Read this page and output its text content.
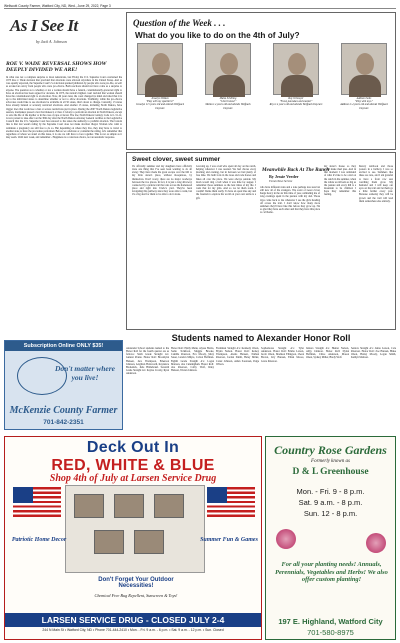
Wellscott County Farmer, Watford City, ND, Wed., June 29, 2022, Page 3
As I See It
by Jack A. Johnson
ROE V. WADE REVERSAL SHOWS HOW DEEPLY DIVIDED WE ARE!
In what was not a complete surprise to most Americans, last Friday the U.S. Supreme Court overturned the 1973 Roe v. Wade decision that provided that abortions were allowed anywhere in the United States. And as was equally expected, the Supreme Court's 5-4 decision sparked jubilation by people who were pro-life, as well as evoked an outcry from people who were pro-choice. Both reactions should not have come as a surprise to anyone. The question as to whether or not a woman should have a federal, constitutionally-protected right to have an abortion has been argued for decades. In 1973, the nation's highest court decided that women should have the constitutional right to an abortion. Now, 49 years later, the court changed its mind and ruled that it is up to the individual states to determine whether or not to allow abortions. Truthfully, while the pro-choice advocates would like to see abortions be available in all 50 states, that's about to change. Currently, 13 states have already banned or severely restricted abortions. And another 13 states, including North Dakota, have trigger laws that would see a ban or severe restrictions put in place. During the 2007 North Dakota legislative session, lawmakers passed a law that makes it a Class C felony to perform an abortion in North Dakota, except to save the life of the mother or in the case of rape or incest. The law, North Dakota Century Code 12.1-31-12, is now poised to take effect on the 30th day after the North Dakota Attorney General certifies to the Legislative Council that the U.S. Supreme Court has restored to the states the authority to prohibit abortion. The bottom line is that last week's ruling by the Supreme Court does not make abortion illegal. Women who wish to terminate a pregnancy are still free to do so. But depending on where they live, they may have to travel to another state to have the procedure performed. Before we celebrate or condemn the ruling, let's remember that regardless of where we stand on this issue, it is one we will have to face together. This is not as simple as it may seem. Until next week, and remember - Happiness is a conscious choice, not an automatic response.
Question of the Week . . .
What do you like to do on the 4th of July?
Jessalyn Wolken
"Play with my sparklers!"
Jessalyn is 5 years old and attends Wolfpack Daycare
Malia Schilling
"I don't know!"
Malia is 4 years old and attends Wolfpack Daycare
Roy Ortmeyer
"Food, pancakes and snacks!"
Roy is 4 years old and attends Wolfpack Daycare
Addison Solis
"Play with toys."
Addison is 4 years old and attends Wolfpack Daycare
Sweet clover, sweet summer
It's officially summer and my daughters have officially done one thing that I've seen been wanting to do all along: They have made the great escape over the hill to my little sister's place, without mosquitoes, by themselves. Don't worry, there are no major roadways between the two places. In fact, it is just a long driveway connected by a prairie trail that cuts across the homestead place and right into Uncle's yard. They've been navigating this pathway since they were able to walk, but it's a big deal for them to be able to do it alone.
Growing up, I was a kid who spent all day on the ranch, helping wherever I was needed. We had chores every morning and evening, but in between we had plenty of free time. We built forts in the trees and rode horses and bikes all over the place. We were always outside. My mom would ring a bell when it was time for supper. I remember those summers as the best times of my life. I want that for my girls. And so we let them roam. I couldn't blame them really. To have an open blue sky and the freedom to explore the world on your own terms is a gift.
Meanwhile Back At The Ranch
By Jessie Veeder
Forum News Service
who have different rules and a tone perhaps less sure but still new all of the strangers. The scent of sweet clover hangs heavy in the air this time of year, reminding me of long evenings spent in the pasture with my dad. Those days come back to me whenever I see the girls heading off across the trail. I don't know how many more summers they'll have like this before they grow up. I'm so glad they have each other and that they have this place to call home.
my sister's house so they could make mud pies. And in that moment I was reminded of what it's like to be a kid on the ranch in the summer, when the whole world feels as big as the pasture and every hill is a mountain to be climbed. I hope they remember this feeling.
history textbook and those posters in a hallway I was so excited to see. Summers like these are rare, and I am grateful to have a front row seat watching them grow. My husband and I will keep our eyes on the trail and let them go a little farther every year. Because someday they will be grown and the trail will lead them somewhere else entirely.
Subscription Online ONLY $35!
Don't matter where you live!
McKenzie County Farmer
701-842-2351
Students named to Alexander Honor Roll
Alexander School students named to the Honor Roll for the fourth quarter are as follows: Sixth Grade Straight A's: Gunnar Prante. Honor Roll: Brooklynn Hansen, Jace Thompson, Emerson Johnson, Leighton Holzworth, Kaydence Brodenick, Jude Hildebrand. Seventh Grade Straight A's: Kaylee Crosby, Ryan Anderson.
Honor Roll: Emily Mann, Alyssa Harris, Sadie Tollefson, Maggie Brooke, Camille Peterson, Eva Moody, Mary Sauer, Landon Mhyre, Colton Hoffman. Eighth Grade Straight A's: Logan Mattson, Ava Cunningham. Honor Roll: Ava Peterson, Colby Wolf, Riley Hanson, Tristan Johnson.
Freshmen Straight A's: Kennedy Olson, Brynn Nelson. Honor Roll: Kelsey Thompson, Alexis Hansen, Nathan Peterson, Jordan Smith, Haley Miller, Carter Johnson, Aiden Sorensen, Paige Wilson.
Sophomores Straight A's: Tyler Anderson. Honor Roll: Emma Larson, Jacob Olson, Madison Ellingson, Owen Brown, Lily Hansen, Ethan Moore, Grace Peterson.
Juniors Straight A's: Hunter Nelson, Abby Johnson. Honor Roll: Dylan Hoffman, Chloe Anderson, Mason Olsen, Sydney Miller, Brady Wolf.
Seniors Straight A's: Jenna Larson, Cole Peterson. Honor Roll: Zoe Hansen, Blake Olson, Hailey Moody, Logan Smith, Kaitlyn Mattson.
Deck Out In
RED, WHITE & BLUE
Shop 4th of July at Larsen Service Drug
Patriotic Home Decor
Don't Forget Your Outdoor Necessities!
Chemical Free Bug Repellent, Sunscreen & Toys!
Summer Fun & Games
LARSEN SERVICE DRUG - CLOSED JULY 2-4
244 N Main St • Watford City, ND • Phone 701-444-2410 • Mon. - Fri. 9 a.m. - 6 p.m. • Sat. 9 a.m. - 12 p.m. • Sun. Closed
Country Rose Gardens
Formerly known as
D & L Greenhouse
Mon. - Fri. 9 - 8 p.m.
Sat. 9 a.m. - 8 p.m.
Sun. 12 - 8 p.m.
For all your planting needs! Annuals, Perennials, Vegetables and Herbs! We also offer custom planting!
197 E. Highland, Watford City
701-580-8975
